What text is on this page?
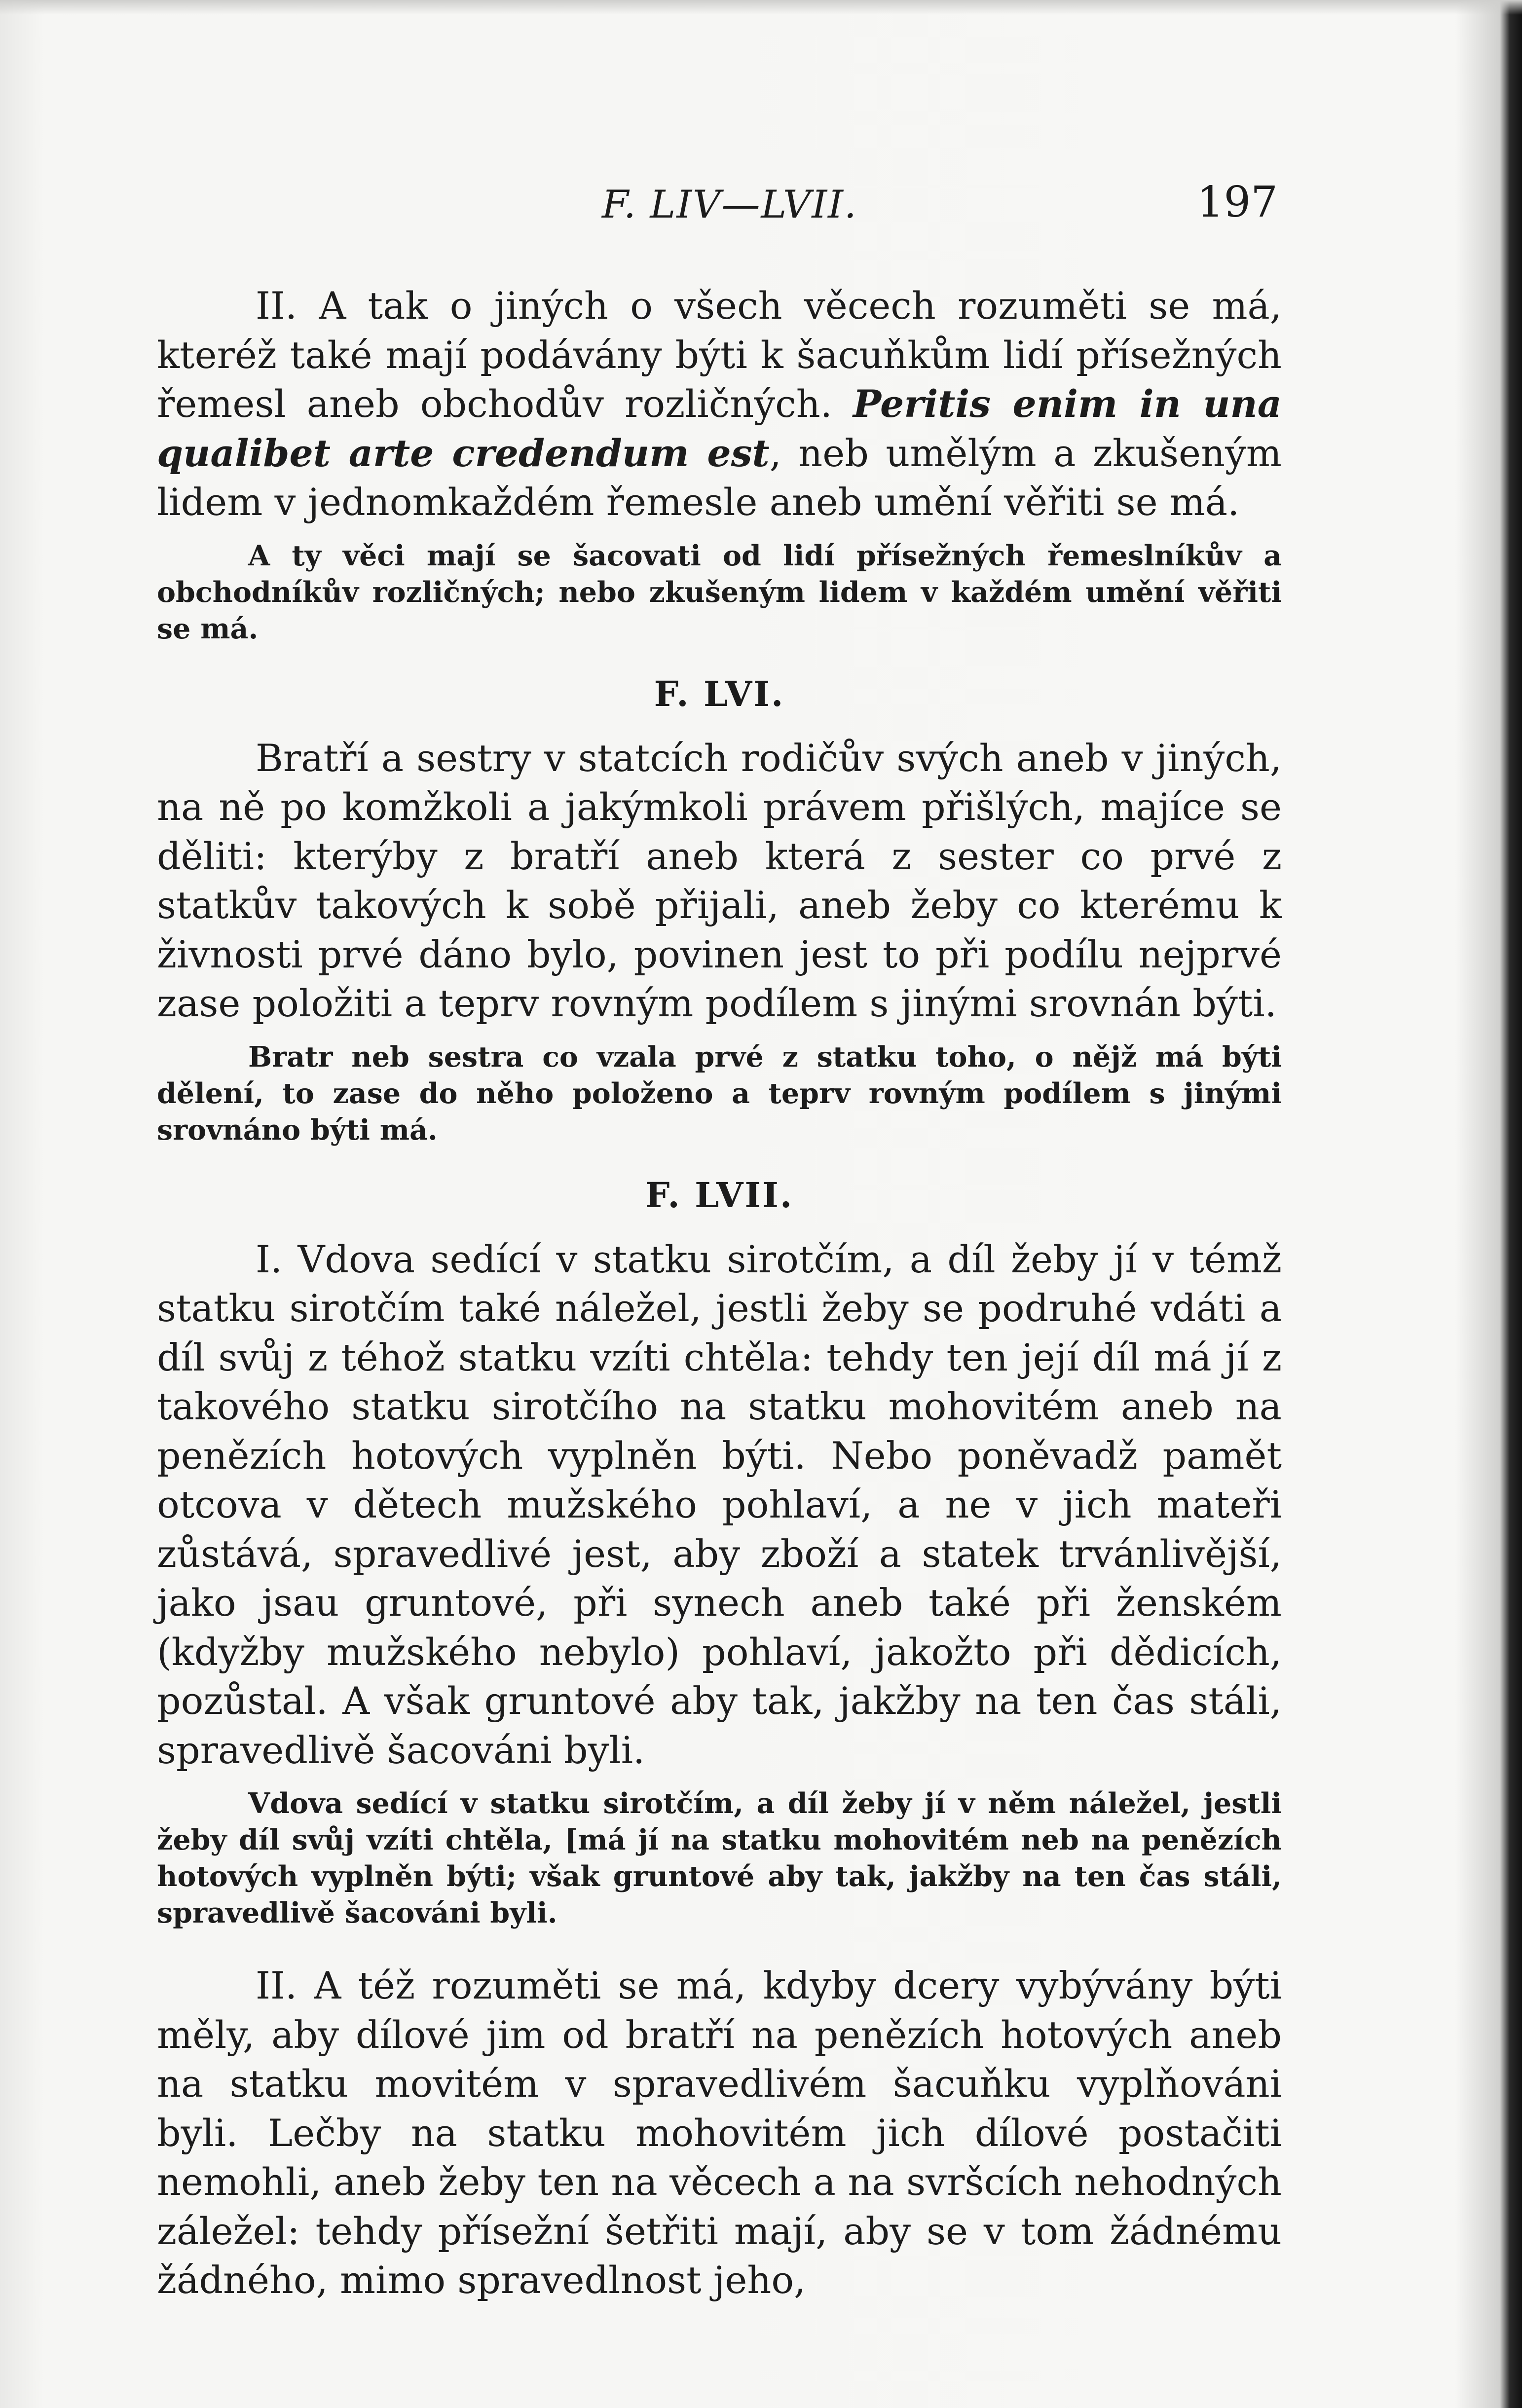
F. LIV—LVII.	197

II. A tak o jiných o všech věcech rozuměti se má, kteréž také mají podávány býti k šacuňkům lidí přísežných řemesl aneb obchodův rozličných. Peritis enim in una qualibet arte credendum est, neb umělým a zkušeným lidem v jednomkaždém řemesle aneb umění věřiti se má.

A ty věci mají se šacovati od lidí přísežných řemeslníkův a obchodníkův rozličných; nebo zkušeným lidem v každém umění věřiti se má.

F. LVI.

Bratří a sestry v statcích rodičův svých aneb v jiných, na ně po komžkoli a jakýmkoli právem přišlých, majíce se děliti: kterýby z bratří aneb která z sester co prvé z statkův takových k sobě přijali, aneb žeby co kterému k živnosti prvé dáno bylo, povinen jest to při podílu nejprvé zase položiti a teprv rovným podílem s jinými srovnán býti.

Bratr neb sestra co vzala prvé z statku toho, o nějž má býti dělení, to zase do něho položeno a teprv rovným podílem s jinými srovnáno býti má.

F. LVII.

I. Vdova sedící v statku sirotčím, a díl žeby jí v témž statku sirotčím také náležel, jestli žeby se podruhé vdáti a díl svůj z téhož statku vzíti chtěla: tehdy ten její díl má jí z takového statku sirotčího na statku mohovitém aneb na penězích hotových vyplněn býti. Nebo poněvadž pamět otcova v dětech mužského pohlaví, a ne v jich mateři zůstává, spravedlivé jest, aby zboží a statek trvánlivější, jako jsau gruntové, při synech aneb také při ženském (kdyžby mužského nebylo) pohlaví, jakožto při dědicích, pozůstal. A však gruntové aby tak, jakžby na ten čas stáli, spravedlivě šacováni byli.

Vdova sedící v statku sirotčím, a díl žeby jí v něm náležel, jestli žeby díl svůj vzíti chtěla, [má jí na statku mohovitém neb na penězích hotových vyplněn býti; však gruntové aby tak, jakžby na ten čas stáli, spravedlivě šacováni byli.

II. A též rozuměti se má, kdyby dcery vybývány býti měly, aby dílové jim od bratří na penězích hotových aneb na statku movitém v spravedlivém šacuňku vyplňováni byli. Lečby na statku mohovitém jich dílové postačiti nemohli, aneb žeby ten na věcech a na svršcích nehodných záležel: tehdy přísežní šetřiti mají, aby se v tom žádnému žádného, mimo spravedlnost jeho,
